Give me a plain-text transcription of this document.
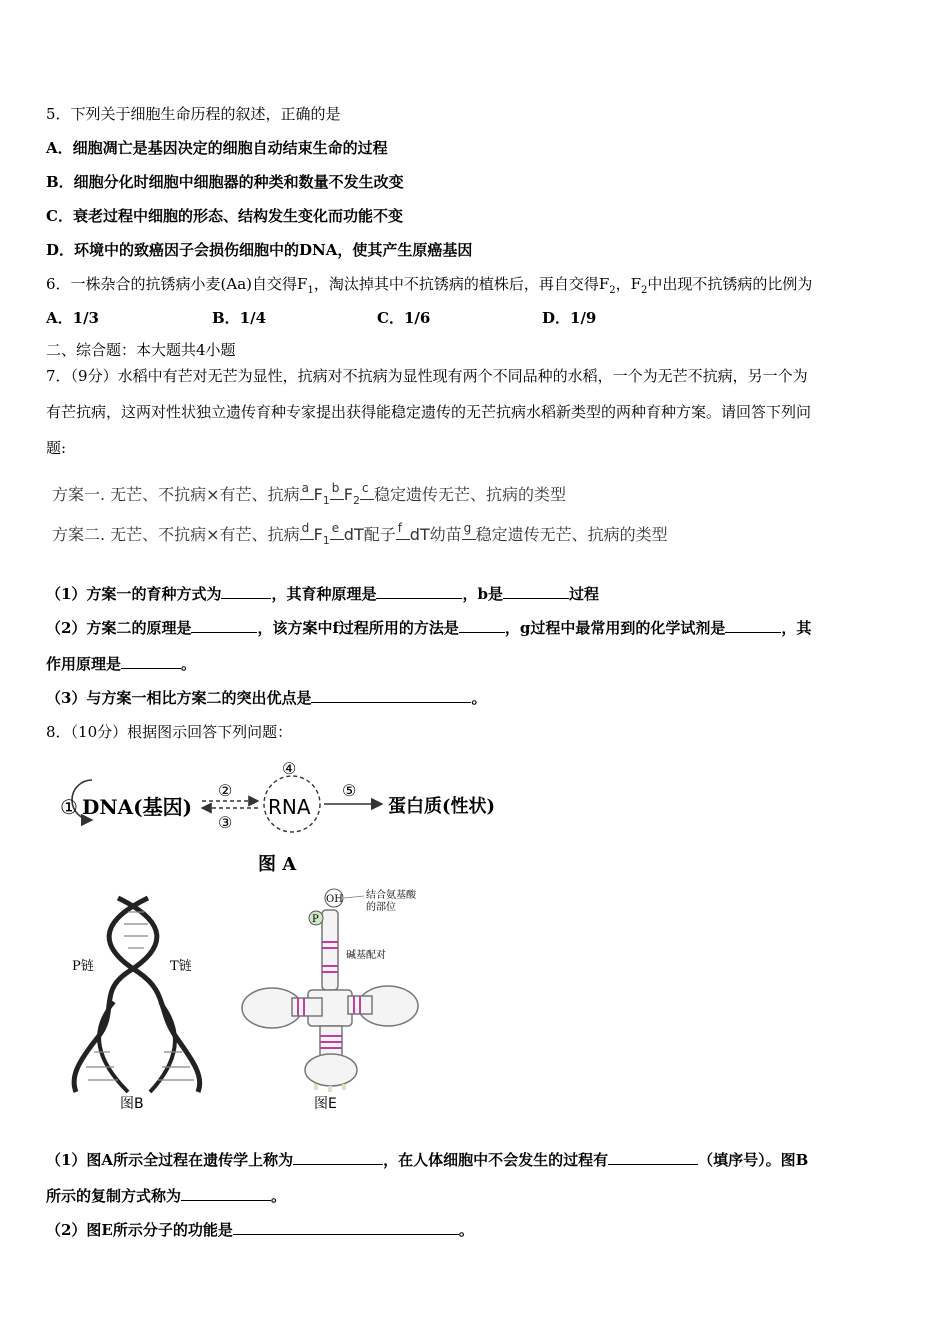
5．下列关于细胞生命历程的叙述，正确的是
A．细胞凋亡是基因决定的细胞自动结束生命的过程
B．细胞分化时细胞中细胞器的种类和数量不发生改变
C．衰老过程中细胞的形态、结构发生变化而功能不变
D．环境中的致癌因子会损伤细胞中的DNA，使其产生原癌基因
6．一株杂合的抗锈病小麦(Aa)自交得$F_1$，淘汰掉其中不抗锈病的植株后，再自交得$F_2$，$F_2$中出现不抗锈病的比例为
A．1/3	B．1/4	C．1/6	D．1/9
二、综合题：本大题共4小题
7．（9分）水稻中有芒对无芒为显性，抗病对不抗病为显性现有两个不同品种的水稻，一个为无芒不抗病，另一个为
有芒抗病，这两对性状独立遗传育种专家提出获得能稳定遗传的无芒抗病水稻新类型的两种育种方案。请回答下列问
题:
方案一. 无芒、不抗病×有芒、抗病 a $F_1$
b $F_2$
c 稳定遗传无芒、抗病的类型
方案二. 无芒、不抗病×有芒、抗病 d $F_1$
e dT配子 f dT幼苗 g 稳定遗传无芒、抗病的类型
（1）方案一的育种方式为	，其育种原理是	，b是	过程
（2）方案二的原理是	，该方案中f过程所用的方法是	，g过程中最常用到的化学试剂是	，其
作用原理是	。
（3）与方案一相比方案二的突出优点是	。
8．（10分）根据图示回答下列问题：
① DNA(基因)
②
③
④
RNA
⑤
蛋白质(性状)
图 A
P链	T链
图B
OH
P
结合氨基酸
的部位
碱基配对
图E
（1）图A所示全过程在遗传学上称为	，在人体细胞中不会发生的过程有	（填序号）。图B
所示的复制方式称为	。
（2）图E所示分子的功能是	。
